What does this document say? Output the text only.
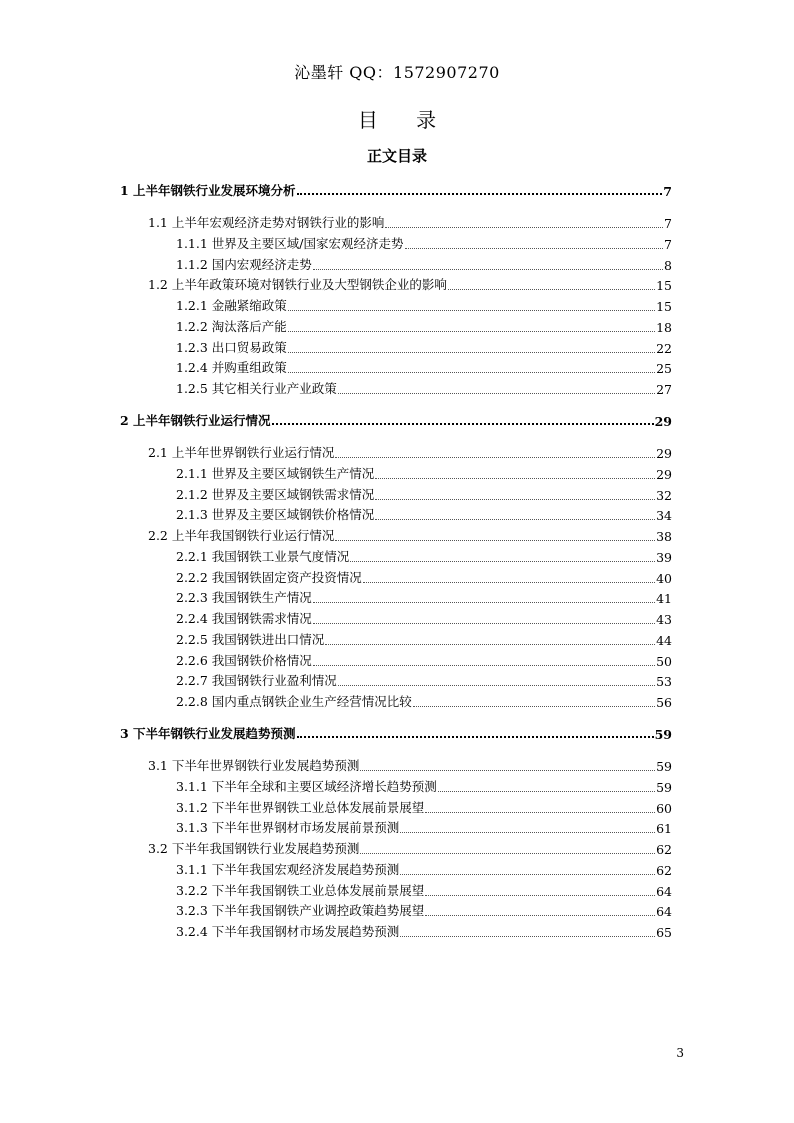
沁墨轩 QQ：1572907270
目 录
正文目录
1 上半年钢铁行业发展环境分析	7
1.1 上半年宏观经济走势对钢铁行业的影响	7
1.1.1 世界及主要区域/国家宏观经济走势	7
1.1.2 国内宏观经济走势	8
1.2 上半年政策环境对钢铁行业及大型钢铁企业的影响	15
1.2.1 金融紧缩政策	15
1.2.2 淘汰落后产能	18
1.2.3 出口贸易政策	22
1.2.4 并购重组政策	25
1.2.5 其它相关行业产业政策	27
2 上半年钢铁行业运行情况	29
2.1 上半年世界钢铁行业运行情况	29
2.1.1 世界及主要区域钢铁生产情况	29
2.1.2 世界及主要区域钢铁需求情况	32
2.1.3 世界及主要区域钢铁价格情况	34
2.2 上半年我国钢铁行业运行情况	38
2.2.1 我国钢铁工业景气度情况	39
2.2.2 我国钢铁固定资产投资情况	40
2.2.3 我国钢铁生产情况	41
2.2.4 我国钢铁需求情况	43
2.2.5 我国钢铁进出口情况	44
2.2.6 我国钢铁价格情况	50
2.2.7 我国钢铁行业盈利情况	53
2.2.8 国内重点钢铁企业生产经营情况比较	56
3 下半年钢铁行业发展趋势预测	59
3.1 下半年世界钢铁行业发展趋势预测	59
3.1.1 下半年全球和主要区域经济增长趋势预测	59
3.1.2 下半年世界钢铁工业总体发展前景展望	60
3.1.3 下半年世界钢材市场发展前景预测	61
3.2 下半年我国钢铁行业发展趋势预测	62
3.1.1 下半年我国宏观经济发展趋势预测	62
3.2.2 下半年我国钢铁工业总体发展前景展望	64
3.2.3 下半年我国钢铁产业调控政策趋势展望	64
3.2.4 下半年我国钢材市场发展趋势预测	65
3
